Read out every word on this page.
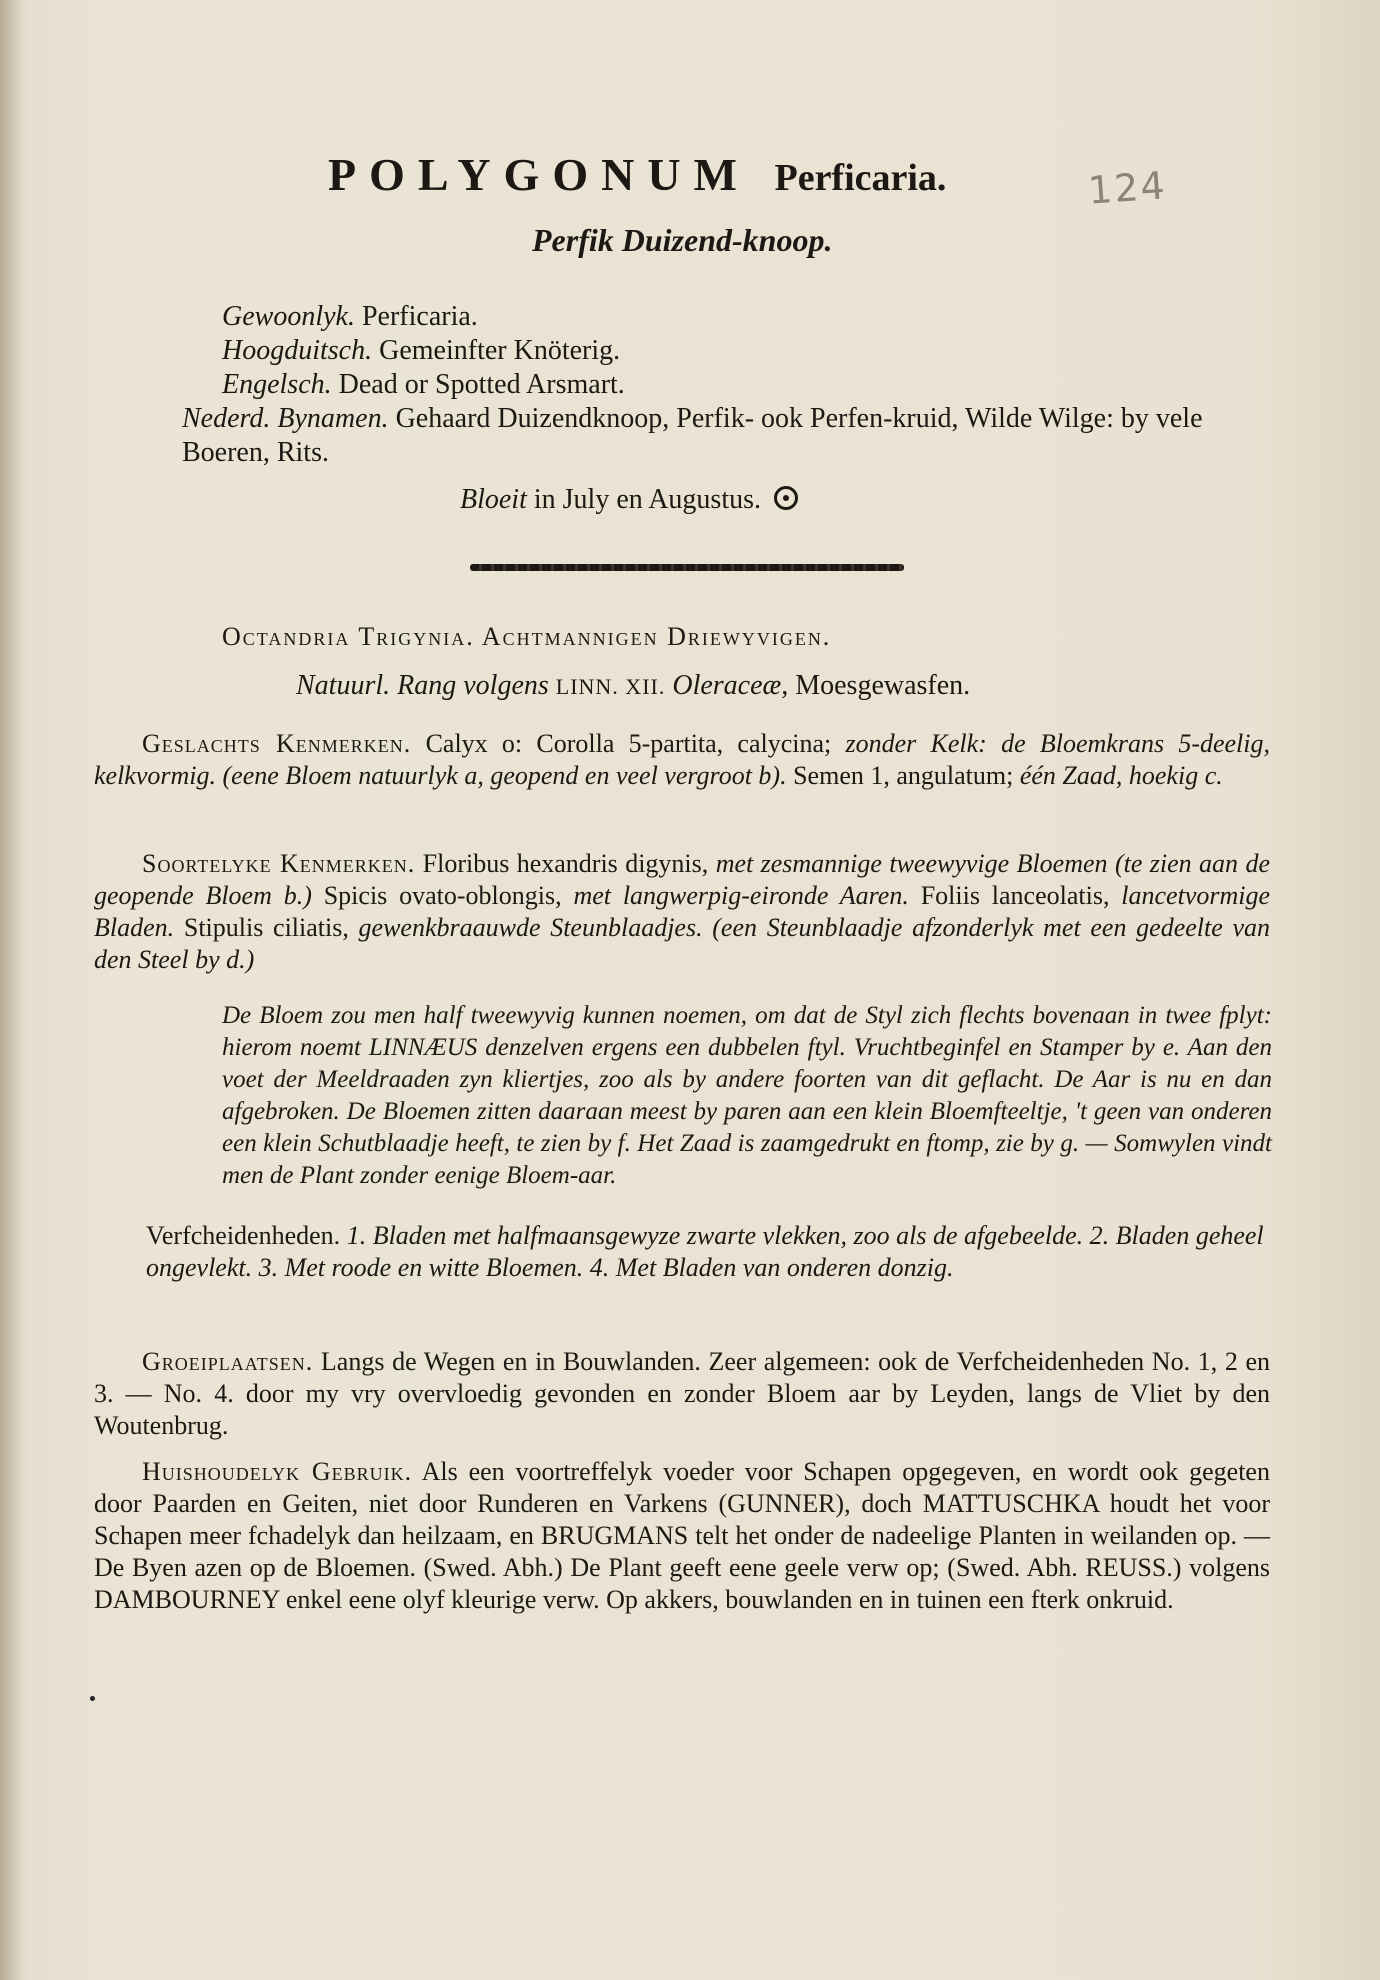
124
POLYGONUM Perficaria.
Perfik Duizend-knoop.
Gewoonlyk. Perficaria.
Hoogduitsch. Gemeinfter Knöterig.
Engelsch. Dead or Spotted Arsmart.
Nederd. Bynamen. Gehaard Duizendknoop, Perfik- ook Perfen-kruid, Wilde Wilge: by vele Boeren, Rits.
Bloeit in July en Augustus.
Octandria Trigynia. Achtmannigen Driewyvigen.
Natuurl. Rang volgens LINN. XII. Oleraceæ, Moesgewasfen.
Geslachts Kenmerken. Calyx o: Corolla 5-partita, calycina; zonder Kelk: de Bloemkrans 5-deelig, kelkvormig. (eene Bloem natuurlyk a, geopend en veel vergroot b). Semen 1, angulatum; één Zaad, hoekig c.
Soortelyke Kenmerken. Floribus hexandris digynis, met zesmannige tweewyvige Bloemen (te zien aan de geopende Bloem b.) Spicis ovato-oblongis, met langwerpig-eironde Aaren. Foliis lanceolatis, lancetvormige Bladen. Stipulis ciliatis, gewenkbraauwde Steunblaadjes. (een Steunblaadje afzonderlyk met een gedeelte van den Steel by d.)
De Bloem zou men half tweewyvig kunnen noemen, om dat de Styl zich flechts bovenaan in twee fplyt: hierom noemt LINNÆUS denzelven ergens een dubbelen ftyl. Vruchtbeginfel en Stamper by e. Aan den voet der Meeldraaden zyn kliertjes, zoo als by andere foorten van dit geflacht. De Aar is nu en dan afgebroken. De Bloemen zitten daaraan meest by paren aan een klein Bloemfteeltje, 't geen van onderen een klein Schutblaadje heeft, te zien by f. Het Zaad is zaamgedrukt en ftomp, zie by g. — Somwylen vindt men de Plant zonder eenige Bloem-aar.
Verfcheidenheden. 1. Bladen met halfmaansgewyze zwarte vlekken, zoo als de afgebeelde. 2. Bladen geheel ongevlekt. 3. Met roode en witte Bloemen. 4. Met Bladen van onderen donzig.
Groeiplaatsen. Langs de Wegen en in Bouwlanden. Zeer algemeen: ook de Verfcheidenheden No. 1, 2 en 3. — No. 4. door my vry overvloedig gevonden en zonder Bloem aar by Leyden, langs de Vliet by den Woutenbrug.
Huishoudelyk Gebruik. Als een voortreffelyk voeder voor Schapen opgegeven, en wordt ook gegeten door Paarden en Geiten, niet door Runderen en Varkens (GUNNER), doch MATTUSCHKA houdt het voor Schapen meer fchadelyk dan heilzaam, en BRUGMANS telt het onder de nadeelige Planten in weilanden op. — De Byen azen op de Bloemen. (Swed. Abh.) De Plant geeft eene geele verw op; (Swed. Abh. REUSS.) volgens DAMBOURNEY enkel eene olyf kleurige verw. Op akkers, bouwlanden en in tuinen een fterk onkruid.
